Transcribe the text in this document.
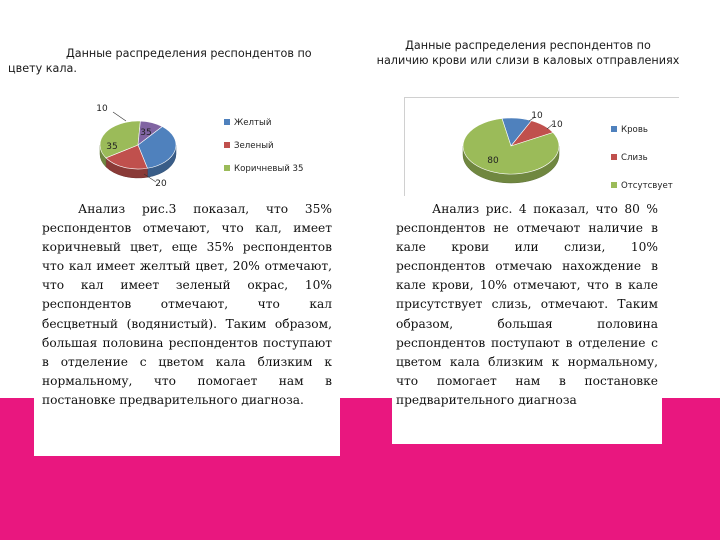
Данные распределения респондентов по
цвету кала.
Данные распределения респондентов по
наличию крови или слизи в каловых отправлениях
35
20
35
10
Желтый
Зеленый
Коричневый 35
10
10
80
Кровь
Слизь
Отсутсвует

Анализ рис.3 показал, что 35% респондентов отмечают, что кал, имеет коричневый цвет, еще 35% респондентов что кал имеет желтый цвет, 20% отмечают, что кал имеет зеленый окрас, 10% респондентов отмечают, что кал бесцветный (водянистый). Таким образом, большая половина респондентов поступают в отделение с цветом кала близким к нормальному, что помогает нам в постановке предварительного диагноза.

Анализ рис. 4 показал, что 80 % респондентов не отмечают наличие в кале крови или слизи, 10% респондентов отмечаю нахождение в кале крови, 10% отмечают, что в кале присутствует слизь, отмечают. Таким образом, большая половина респондентов поступают в отделение с цветом кала близким к нормальному, что помогает нам в постановке предварительного диагноза
